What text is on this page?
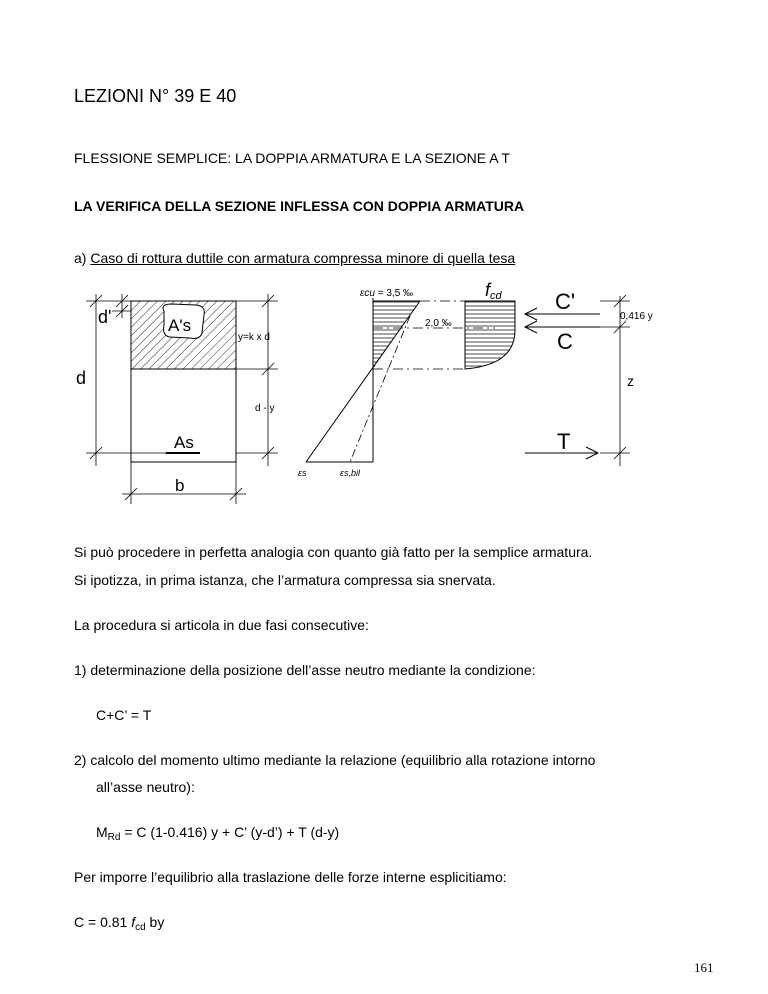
LEZIONI N° 39 E 40
FLESSIONE SEMPLICE: LA DOPPIA ARMATURA E LA SEZIONE A T
LA VERIFICA DELLA SEZIONE INFLESSA CON DOPPIA ARMATURA
a) Caso di rottura duttile con armatura compressa minore di quella tesa
d'	A's
y=k x d
d
d - y
As
b
εcu = 3,5 ‰
2,0 ‰
εs	εs,bil
fcd C'
C
T
0,416 y
z
Si può procedere in perfetta analogia con quanto già fatto per la semplice armatura.
Si ipotizza, in prima istanza, che l’armatura compressa sia snervata.
La procedura si articola in due fasi consecutive:
1) determinazione della posizione dell’asse neutro mediante la condizione:
C+C’ = T
2) calcolo del momento ultimo mediante la relazione (equilibrio alla rotazione intorno
all’asse neutro):
$M_{Rd} = C$ (1-0.416) y + C’ (y-d’) + T (d-y)
Per imporre l’equilibrio alla traslazione delle forze interne esplicitiamo:
C = 0.81 $f_{cd}$ by
161
